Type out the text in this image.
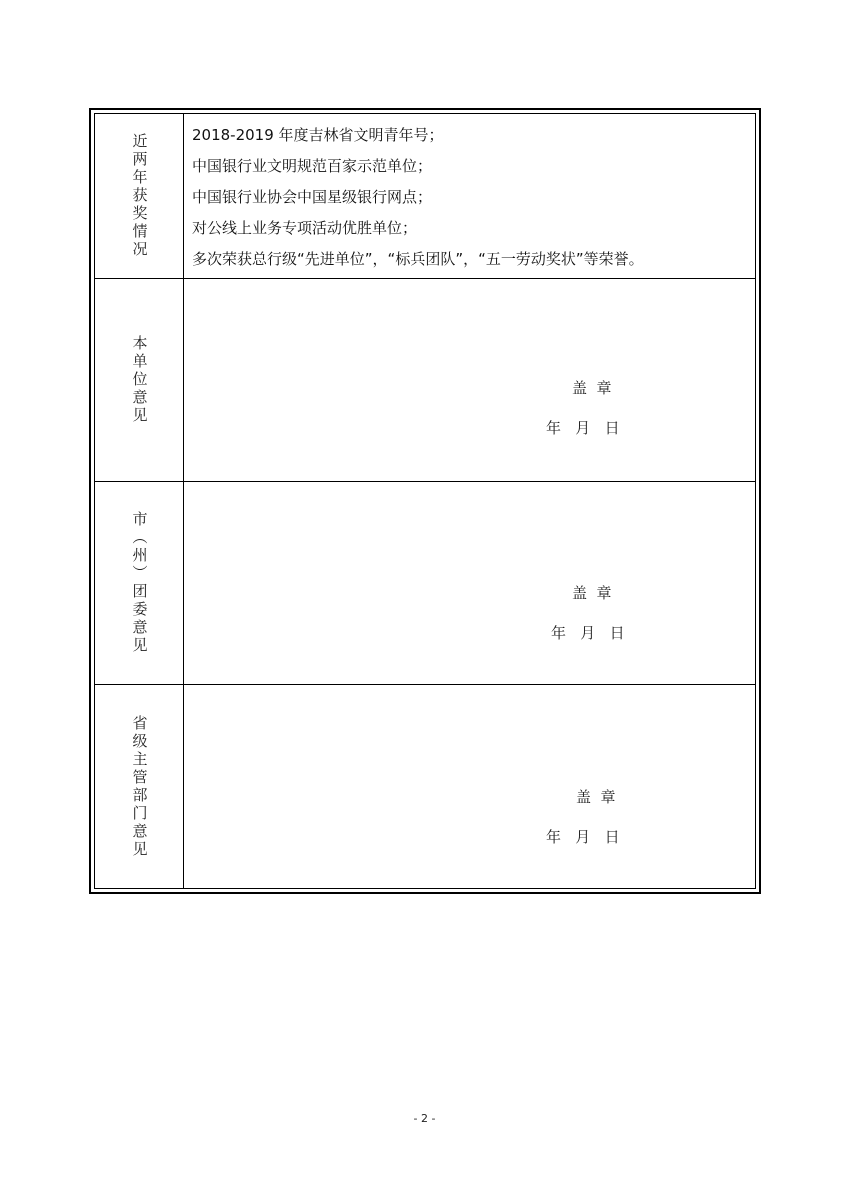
近两年获奖情况	2018-2019 年度吉林省文明青年号；
中国银行业文明规范百家示范单位；
中国银行业协会中国星级银行网点；
对公线上业务专项活动优胜单位；
多次荣获总行级“先进单位”，“标兵团队”，“五一劳动奖状”等荣誉。
本单位意见	盖  章
年   月   日
市（州）团委意见	盖  章
年   月   日
省级主管部门意见	盖  章
年   月   日
- 2 -
